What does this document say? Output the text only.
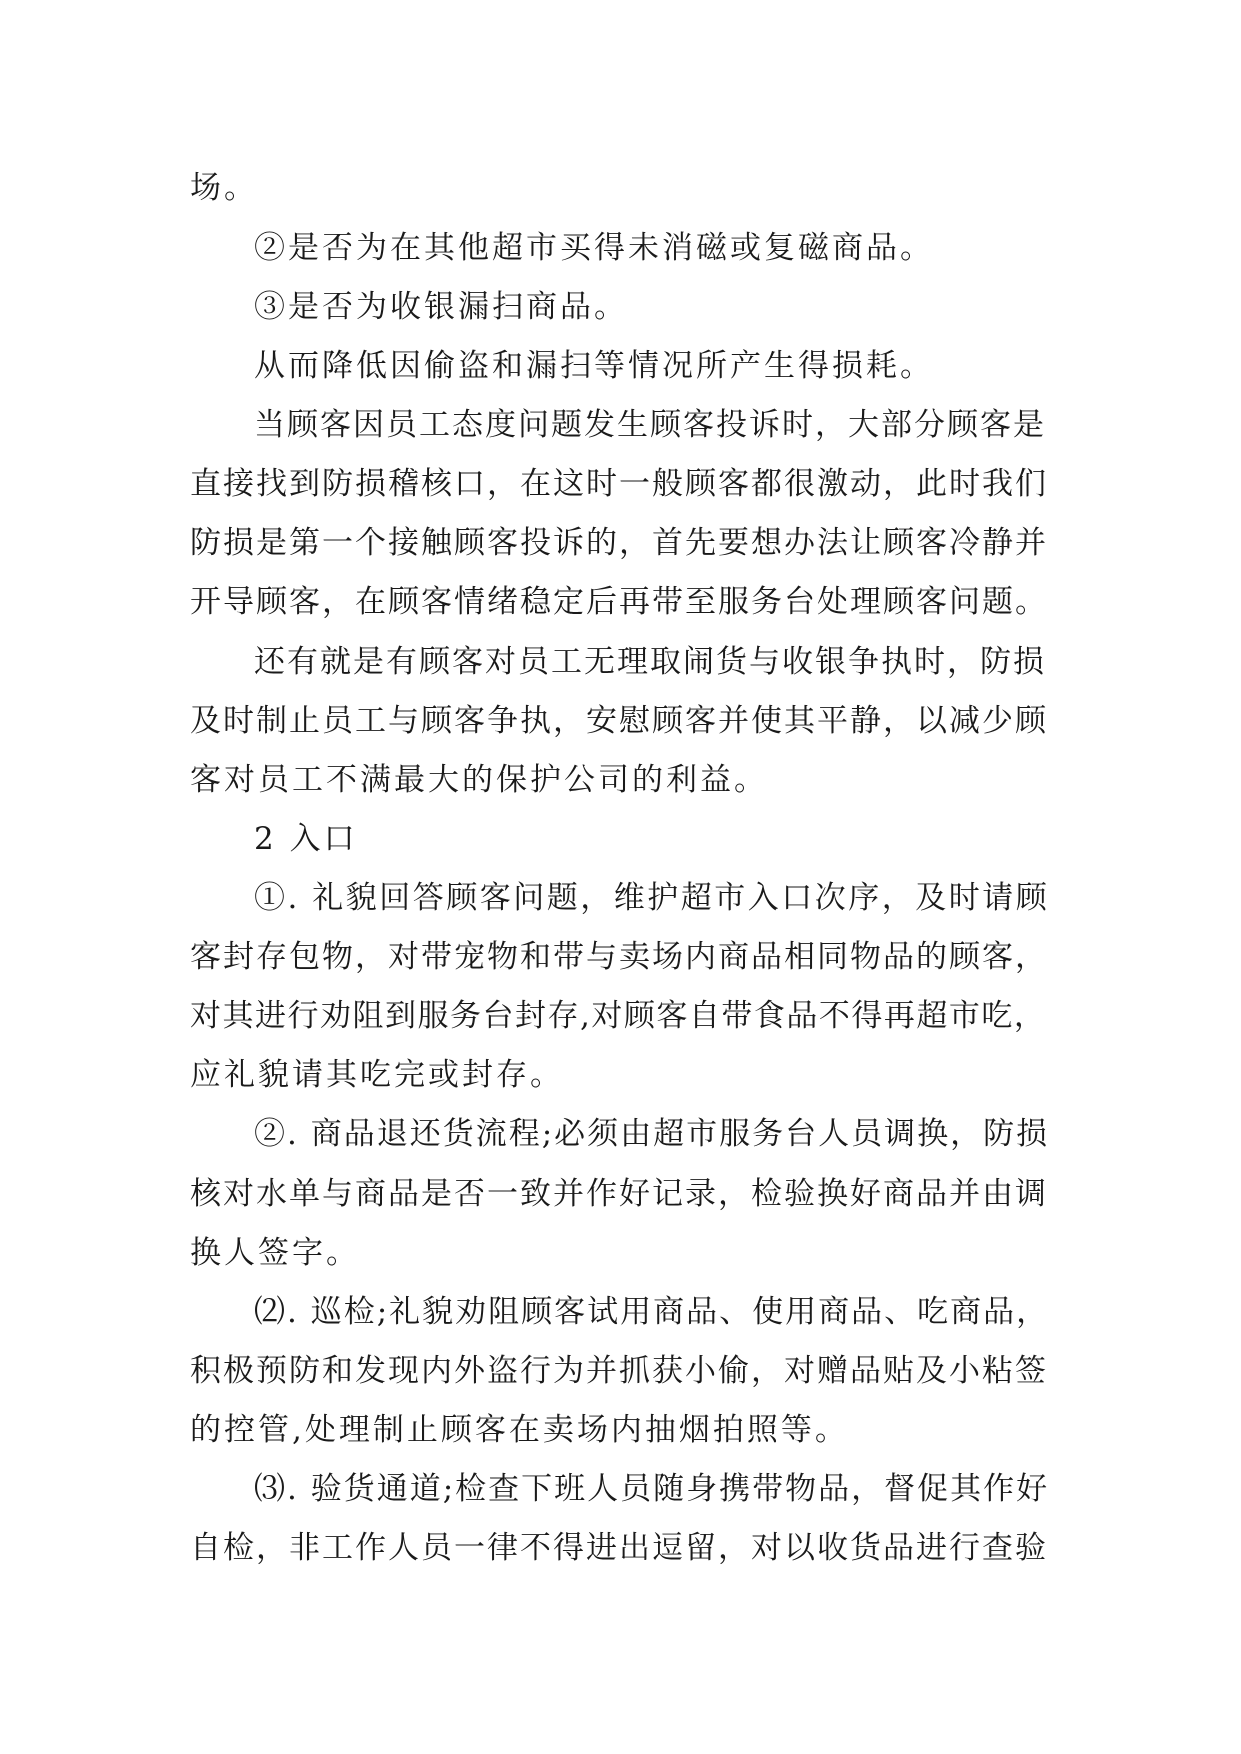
场。
②是否为在其他超市买得未消磁或复磁商品。
③是否为收银漏扫商品。
从而降低因偷盗和漏扫等情况所产生得损耗。
当顾客因员工态度问题发生顾客投诉时，大部分顾客是
直接找到防损稽核口，在这时一般顾客都很激动，此时我们
防损是第一个接触顾客投诉的，首先要想办法让顾客冷静并
开导顾客，在顾客情绪稳定后再带至服务台处理顾客问题。
还有就是有顾客对员工无理取闹货与收银争执时，防损
及时制止员工与顾客争执，安慰顾客并使其平静，以减少顾
客对员工不满最大的保护公司的利益。
2 入口
①. 礼貌回答顾客问题，维护超市入口次序，及时请顾
客封存包物，对带宠物和带与卖场内商品相同物品的顾客，
对其进行劝阻到服务台封存,对顾客自带食品不得再超市吃，
应礼貌请其吃完或封存。
②. 商品退还货流程;必须由超市服务台人员调换，防损
核对水单与商品是否一致并作好记录，检验换好商品并由调
换人签字。
⑵. 巡检;礼貌劝阻顾客试用商品、使用商品、吃商品，
积极预防和发现内外盗行为并抓获小偷，对赠品贴及小粘签
的控管,处理制止顾客在卖场内抽烟拍照等。
⑶. 验货通道;检查下班人员随身携带物品，督促其作好
自检，非工作人员一律不得进出逗留，对以收货品进行查验
